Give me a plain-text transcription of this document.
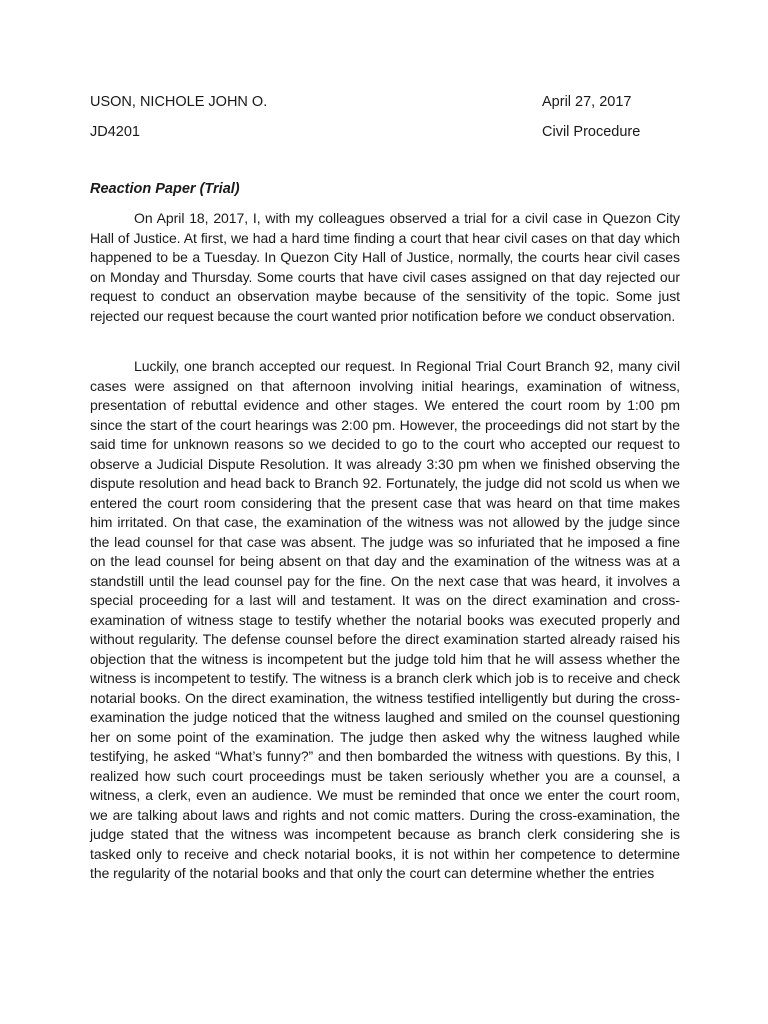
USON, NICHOLE JOHN O.	April 27, 2017
JD4201	Civil Procedure
Reaction Paper (Trial)

On April 18, 2017, I, with my colleagues observed a trial for a civil case in Quezon City Hall of Justice. At first, we had a hard time finding a court that hear civil cases on that day which happened to be a Tuesday. In Quezon City Hall of Justice, normally, the courts hear civil cases on Monday and Thursday. Some courts that have civil cases assigned on that day rejected our request to conduct an observation maybe because of the sensitivity of the topic. Some just rejected our request because the court wanted prior notification before we conduct observation.

Luckily, one branch accepted our request. In Regional Trial Court Branch 92, many civil cases were assigned on that afternoon involving initial hearings, examination of witness, presentation of rebuttal evidence and other stages. We entered the court room by 1:00 pm since the start of the court hearings was 2:00 pm. However, the proceedings did not start by the said time for unknown reasons so we decided to go to the court who accepted our request to observe a Judicial Dispute Resolution. It was already 3:30 pm when we finished observing the dispute resolution and head back to Branch 92. Fortunately, the judge did not scold us when we entered the court room considering that the present case that was heard on that time makes him irritated. On that case, the examination of the witness was not allowed by the judge since the lead counsel for that case was absent. The judge was so infuriated that he imposed a fine on the lead counsel for being absent on that day and the examination of the witness was at a standstill until the lead counsel pay for the fine. On the next case that was heard, it involves a special proceeding for a last will and testament. It was on the direct examination and cross-examination of witness stage to testify whether the notarial books was executed properly and without regularity. The defense counsel before the direct examination started already raised his objection that the witness is incompetent but the judge told him that he will assess whether the witness is incompetent to testify. The witness is a branch clerk which job is to receive and check notarial books. On the direct examination, the witness testified intelligently but during the cross-examination the judge noticed that the witness laughed and smiled on the counsel questioning her on some point of the examination. The judge then asked why the witness laughed while testifying, he asked “What’s funny?” and then bombarded the witness with questions. By this, I realized how such court proceedings must be taken seriously whether you are a counsel, a witness, a clerk, even an audience. We must be reminded that once we enter the court room, we are talking about laws and rights and not comic matters. During the cross-examination, the judge stated that the witness was incompetent because as branch clerk considering she is tasked only to receive and check notarial books, it is not within her competence to determine the regularity of the notarial books and that only the court can determine whether the entries
